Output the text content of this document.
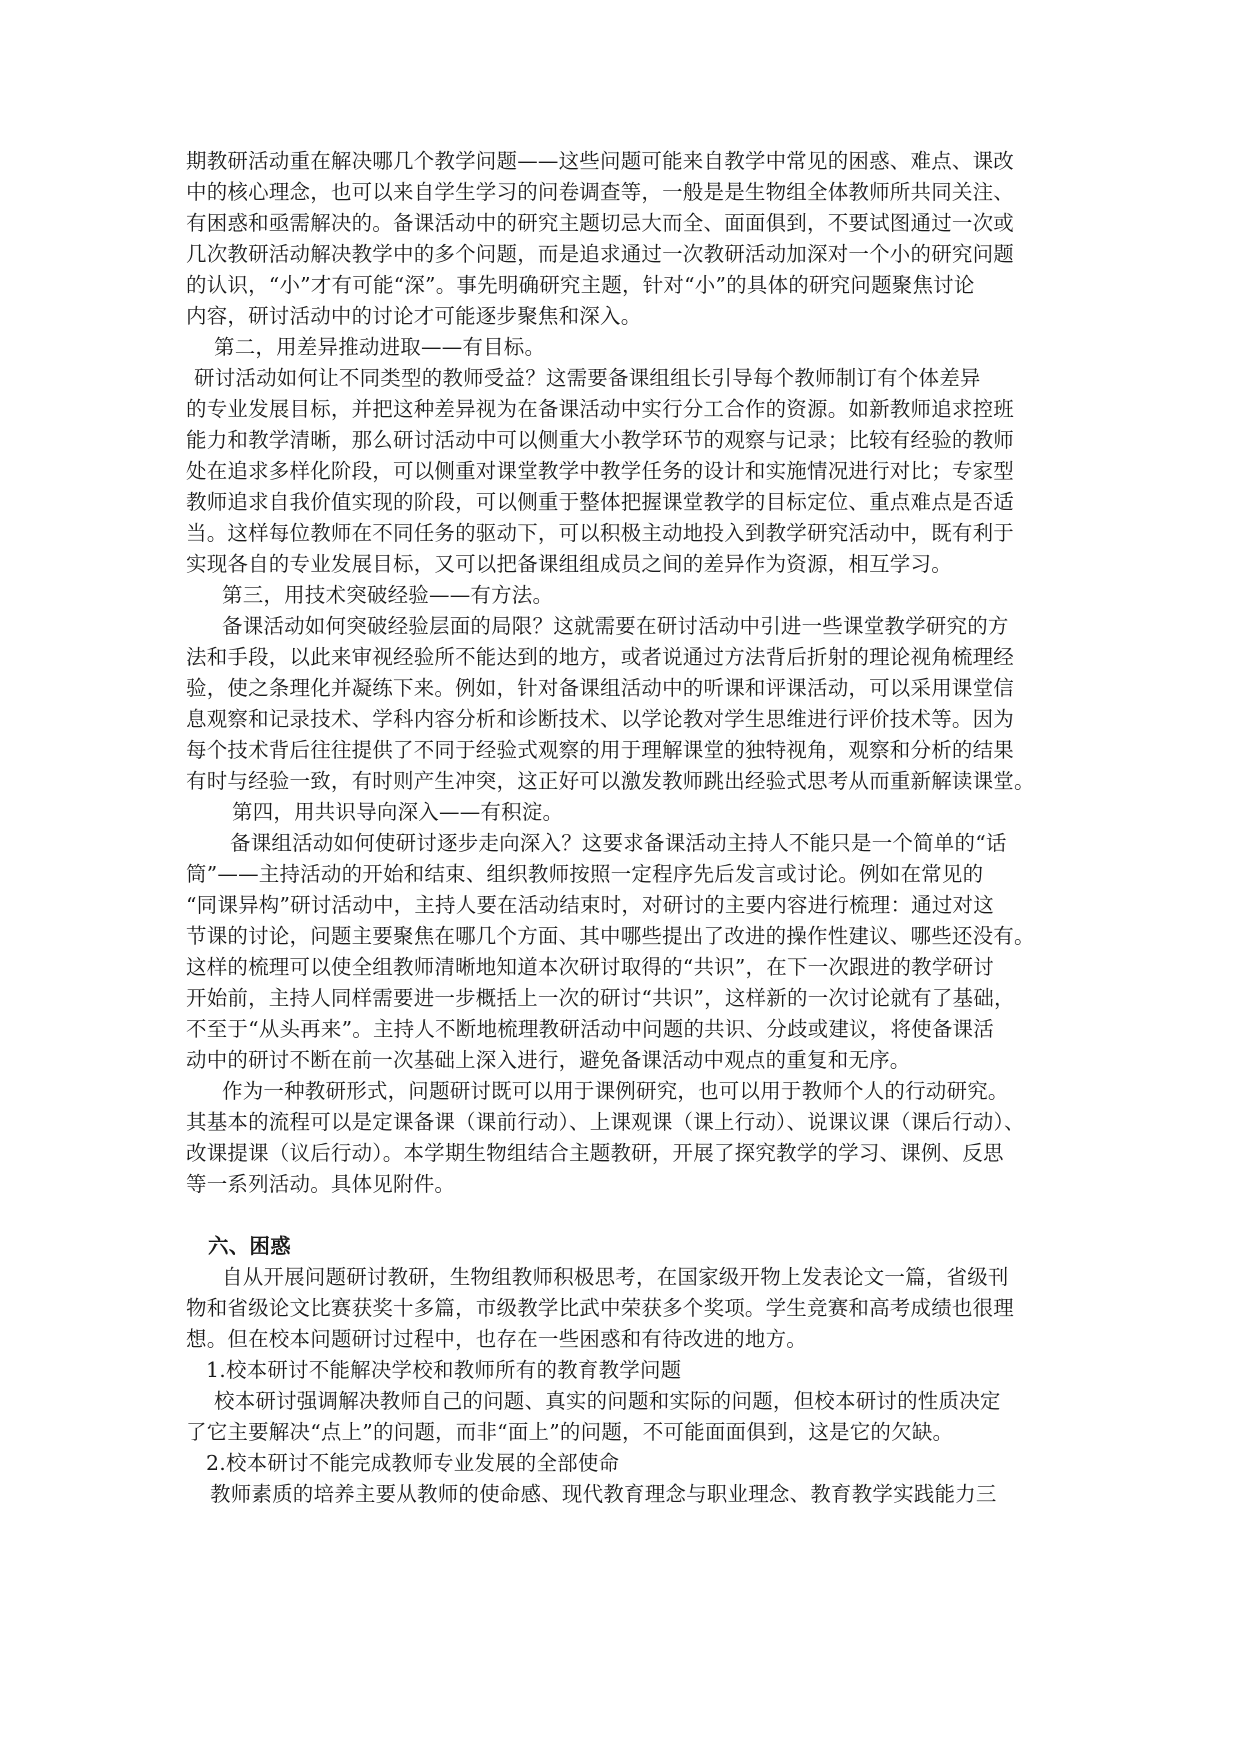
期教研活动重在解决哪几个教学问题——这些问题可能来自教学中常见的困惑、难点、课改
中的核心理念，也可以来自学生学习的问卷调查等，一般是是生物组全体教师所共同关注、
有困惑和亟需解决的。备课活动中的研究主题切忌大而全、面面俱到，不要试图通过一次或
几次教研活动解决教学中的多个问题，而是追求通过一次教研活动加深对一个小的研究问题
的认识，“小”才有可能“深”。事先明确研究主题，针对“小”的具体的研究问题聚焦讨论
内容，研讨活动中的讨论才可能逐步聚焦和深入。
第二，用差异推动进取——有目标。
研讨活动如何让不同类型的教师受益？这需要备课组组长引导每个教师制订有个体差异
的专业发展目标，并把这种差异视为在备课活动中实行分工合作的资源。如新教师追求控班
能力和教学清晰，那么研讨活动中可以侧重大小教学环节的观察与记录；比较有经验的教师
处在追求多样化阶段，可以侧重对课堂教学中教学任务的设计和实施情况进行对比；专家型
教师追求自我价值实现的阶段，可以侧重于整体把握课堂教学的目标定位、重点难点是否适
当。这样每位教师在不同任务的驱动下，可以积极主动地投入到教学研究活动中，既有利于
实现各自的专业发展目标，又可以把备课组组成员之间的差异作为资源，相互学习。
第三，用技术突破经验——有方法。
备课活动如何突破经验层面的局限？这就需要在研讨活动中引进一些课堂教学研究的方
法和手段，以此来审视经验所不能达到的地方，或者说通过方法背后折射的理论视角梳理经
验，使之条理化并凝练下来。例如，针对备课组活动中的听课和评课活动，可以采用课堂信
息观察和记录技术、学科内容分析和诊断技术、以学论教对学生思维进行评价技术等。因为
每个技术背后往往提供了不同于经验式观察的用于理解课堂的独特视角，观察和分析的结果
有时与经验一致，有时则产生冲突，这正好可以激发教师跳出经验式思考从而重新解读课堂。
第四，用共识导向深入——有积淀。
备课组活动如何使研讨逐步走向深入？这要求备课活动主持人不能只是一个简单的“话
筒”——主持活动的开始和结束、组织教师按照一定程序先后发言或讨论。例如在常见的
“同课异构”研讨活动中，主持人要在活动结束时，对研讨的主要内容进行梳理：通过对这
节课的讨论，问题主要聚焦在哪几个方面、其中哪些提出了改进的操作性建议、哪些还没有。
这样的梳理可以使全组教师清晰地知道本次研讨取得的“共识”，在下一次跟进的教学研讨
开始前，主持人同样需要进一步概括上一次的研讨“共识”，这样新的一次讨论就有了基础，
不至于“从头再来”。主持人不断地梳理教研活动中问题的共识、分歧或建议，将使备课活
动中的研讨不断在前一次基础上深入进行，避免备课活动中观点的重复和无序。
作为一种教研形式，问题研讨既可以用于课例研究，也可以用于教师个人的行动研究。
其基本的流程可以是定课备课（课前行动）、上课观课（课上行动）、说课议课（课后行动）、
改课提课（议后行动）。本学期生物组结合主题教研，开展了探究教学的学习、课例、反思
等一系列活动。具体见附件。
六、困惑
自从开展问题研讨教研，生物组教师积极思考，在国家级开物上发表论文一篇，省级刊
物和省级论文比赛获奖十多篇，市级教学比武中荣获多个奖项。学生竞赛和高考成绩也很理
想。但在校本问题研讨过程中，也存在一些困惑和有待改进的地方。
1.校本研讨不能解决学校和教师所有的教育教学问题
校本研讨强调解决教师自己的问题、真实的问题和实际的问题，但校本研讨的性质决定
了它主要解决“点上”的问题，而非“面上”的问题，不可能面面俱到，这是它的欠缺。
2.校本研讨不能完成教师专业发展的全部使命
教师素质的培养主要从教师的使命感、现代教育理念与职业理念、教育教学实践能力三
